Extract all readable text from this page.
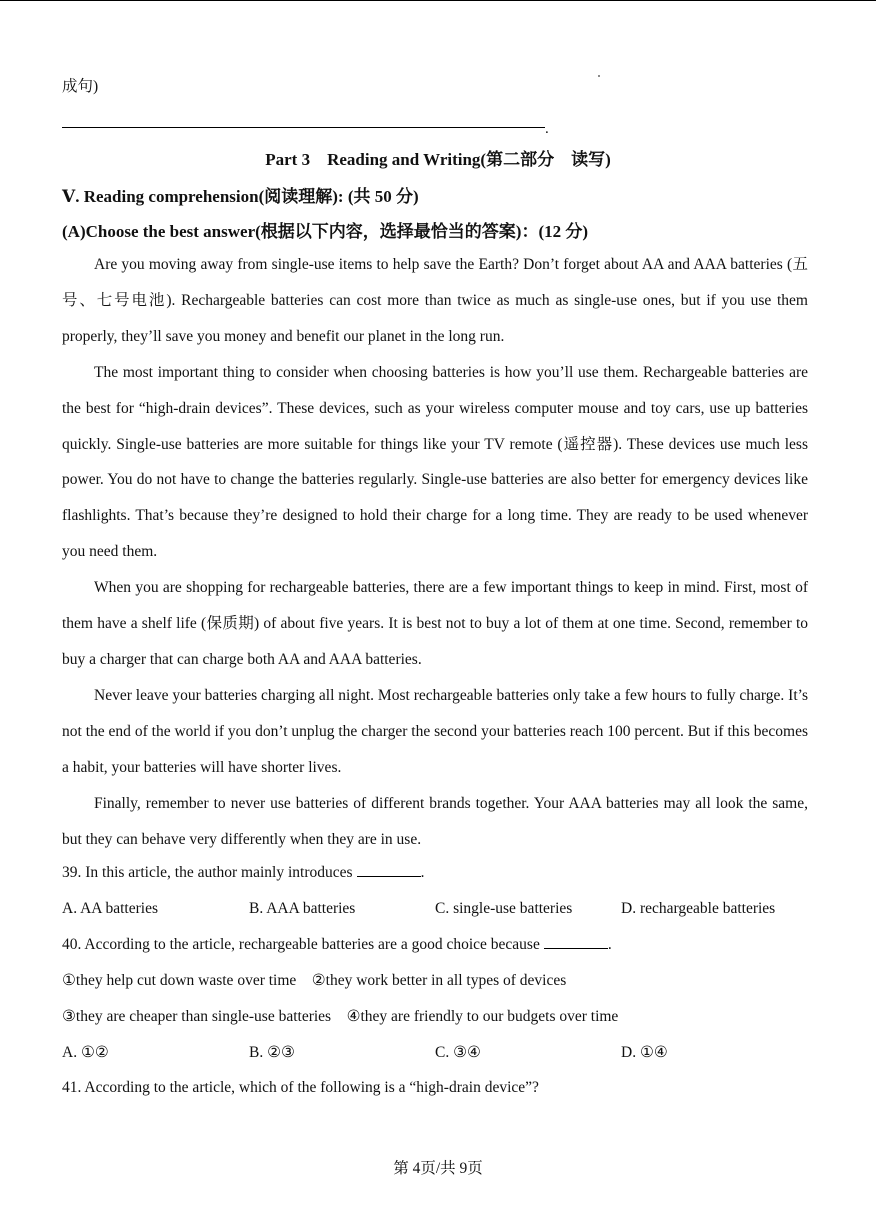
成句)
.
Part 3    Reading and Writing(第二部分    读写)
Ⅴ. Reading comprehension(阅读理解): (共 50 分)
(A)Choose the best answer(根据以下内容，选择最恰当的答案)：(12 分)

Are you moving away from single-use items to help save the Earth? Don’t forget about AA and AAA batteries (五号、七号电池). Rechargeable batteries can cost more than twice as much as single-use ones, but if you use them properly, they’ll save you money and benefit our planet in the long run.

The most important thing to consider when choosing batteries is how you’ll use them. Rechargeable batteries are the best for “high-drain devices”. These devices, such as your wireless computer mouse and toy cars, use up batteries quickly. Single-use batteries are more suitable for things like your TV remote (遥控器). These devices use much less power. You do not have to change the batteries regularly. Single-use batteries are also better for emergency devices like flashlights. That’s because they’re designed to hold their charge for a long time. They are ready to be used whenever you need them.

When you are shopping for rechargeable batteries, there are a few important things to keep in mind. First, most of them have a shelf life (保质期) of about five years. It is best not to buy a lot of them at one time. Second, remember to buy a charger that can charge both AA and AAA batteries.

Never leave your batteries charging all night. Most rechargeable batteries only take a few hours to fully charge. It’s not the end of the world if you don’t unplug the charger the second your batteries reach 100 percent. But if this becomes a habit, your batteries will have shorter lives.

Finally, remember to never use batteries of different brands together. Your AAA batteries may all look the same, but they can behave very differently when they are in use.

39. In this article, the author mainly introduces	.
A. AA batteries	B. AAA batteries	C. single-use batteries	D. rechargeable batteries
40. According to the article, rechargeable batteries are a good choice because	.
①they help cut down waste over time    ②they work better in all types of devices
③they are cheaper than single-use batteries    ④they are friendly to our budgets over time
A. ①②	B. ②③	C. ③④	D. ①④
41. According to the article, which of the following is a “high-drain device”?
第 4页/共 9页
